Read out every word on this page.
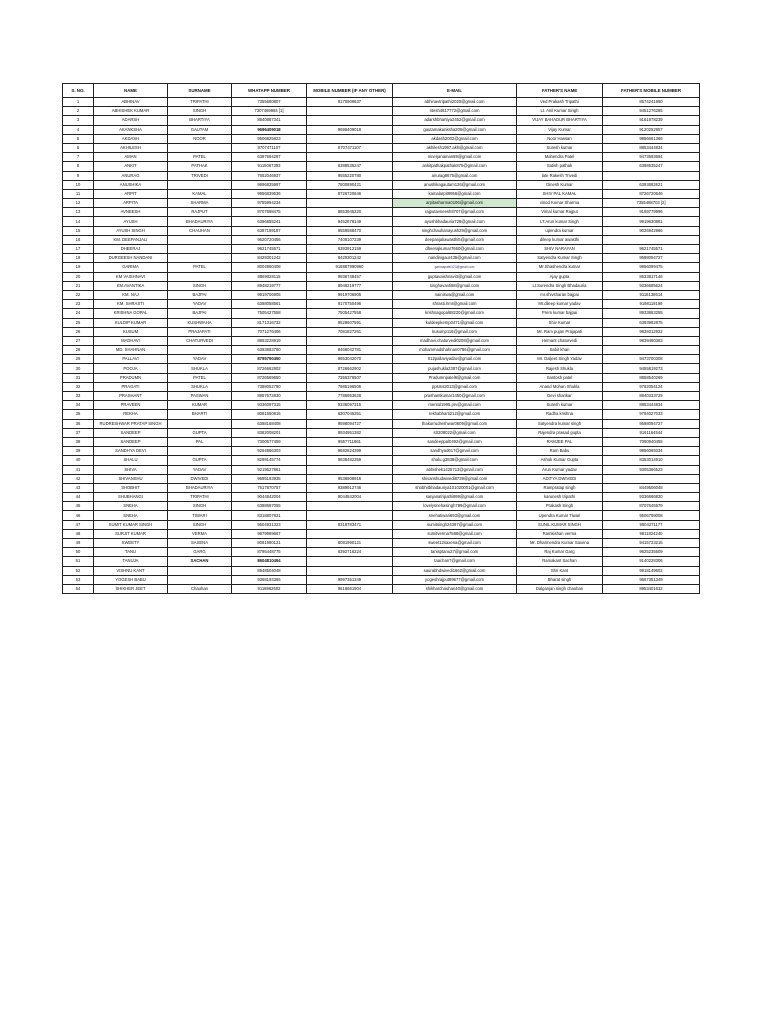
S. NO.	NAME	SURNAME	WHATAPP NUMBER	MOBILE NUMBER (IF ANY OTHER)	E-MAIL	FATHER'S NAME	FATHER'S MOBILE NUMBER
1	ABHINAV	TRIPATHI	7355680807	9170909637	abhinavtripathi2020@gmail.com	Ved Prakash Tripathi	8574241950
2	ABHISHEK KUMAR	SINGH	7307469984 [1]		ritesh4817772@gmail.com	Lt. Anil Kumar Singh	9451276285
3	ADARSH	BHARTIYA	8840887341		adarshbhartiya2452@gmail.com	VIJAY BAHADUR BHARTIYA	9161978239
4	AKANKSHA	GAUTAM	9696409018	9696409018	gautamakanksha205@gmail.com	Vijay Kumar	9120252957
5	AKDASH	NOOR	9506825823		akdash2002@gmail.com	Noor Hassan	9956661366
6	AKHILESH		8707471107	8707471107	akhilesh1997.akh@gmail.com	Suresh kumar	8853444834
7	AMAN	PATEL	6387694287		ninerjanaman89@gmail.com	Mahendra Patel	9473593694
8	ANKIT	PATHAK	9115067393	6388535247	ankitpathakpathak875@gmail.com	Satish pathak	6388535247
9	ANURAG	TRIVEDI	7652046937	9555220780	anurag8675@gmail.com	late Rakesh Trivedi	
10	ANUSHIKA		9696825997	7800890421	anushikagautam126@gmail.com	Dinesh Kumar	6393882621
11	ARPIT	KAMAL	9956839536	8726720646	kamalarpit9956@gmail.com	SHIV PAL KAMAL	8726720646
12	ARPITA	SHARMA	9755994234		arpitasharma0106@gmail.com	vinod Kumar Sharma	7355488703 [2]
13	AVNEESH	RAJPUT	8707698475	8853945220	rajputavneesh8707@gmail.com	Vimal kumar Rajput	9169779996
14	AYUSH	BHADAURIYA	6386855241	9452678149	ayushbhadauria728@gmail.com	LT.Arun kumar Singh	9919630881
15	AYUSH SINGH	CHAUHAN	6387199187	9559588470	singhchauhanayush29@gmail.com	upendra kumar	9026942966
16	KM. DEEPANJALI		9520720456	7408107239	deepanjaliawasthi5@gmail.com	dileep kumar awasthi	
17	DHEERAJ		9621745571	6393912159	dheerajkumar7660@gmail.com	SHIV NARAYAN	9621745571
18	DURGEESH NANDANI		8429301242	8429301242	nandinigaur435@gmail.com	Satyendra Kumar Singh	9598094727
19	GARIMA	PATEL	8004960408	918887990960	garimapatel123@gmail.com	Mr.Shashendra kumar	9956099475
20	KM VAISHNAVI		8869028115	9936748457	guptavaishnavi3@gmail.com	Ajay gupta	8533817146
21	KM.AVANTIKA	SINGH	8948219777	8948219777	singhavanti88@gmail.com	Lt.Surendra Singh Bhadauria	9336685624
22	KM. NAJ	BAJPAI	9919706905	9919706905	nainiswa@gmail.com	mr.shivsharan bajpai	9118138614
23	KM. SHRASTI	YADAV	6388058561	9170750496	shrasti.hmr@gmail.com	Mr.dileep kumar yadav	9198119199
24	KRISHNA GOPAL	BAJPAI	7505427558	7505427558	krishnagopal68220@gmail.com	Prem kumar bajpai	8933863255
25	KULDIP KUMAR	KUSHWAHA	8171316732	9528607591	kuldeepkemp0471@gmail.com	Shiv Kumar	6393982875
26	KUSUM	PRAJAPATI	7071276406	7081827261	kusump116@gmail.com	Mr. Ram pujan Prajapati	9839312922
27	MADHAVI	CHATURVEDI	8853228919		madhavi.chaturvedi0208@gmail.com	Hemant chaturvedi	9839460363
28	MD. SHAHNAN		6393683780	8468042781	mohammadshahnan0786@gmail.com	Sabir khan	
29	PALLAVI	YADAV	8795790450	9653042070	012pallaviyadav@gmail.com	Mr. Daljeet Singh Yadav	9473700308
30	POOJA	SHUKLA	8726662902	8726662902	pujashukla2397@gmail.com	Rajesh Shukla	9455819273
31	PRADUMN	PATEL	8726569650	7355376507	Pradumnpatel6@gmail.com	Santosh patel	8858540269
32	PRAGATI	SHUKLA	7388052790	7985196506	ppsms2013@gmail.com	Anand Mohan Shukla	9792054124
33	PRASHANT	PASWAN	8957672830	7786953628	prashantkumar1450@gmail.com	Devi shankar	8840333729
34	PRAVEEN	KUMAR	9336097315	9336097315	mentol1995.prv@gmail.com	Suresh kumar	8853444834
35	REKHA	BHARTI	8081550815	6307045351	rekhabharti212@gmail.com	Radha krishna	9794027033
36	RUDRESHWAR PRATAP SINGH		6388168408	9598094727	thakurrudreshwar0609@gmail.com	Satyendra kumar singh	9598094727
37	SANDEEP	GUPTA	8382008201	8934951382	str208022@gmail.com	Rajendra prasad gupta	9161164544
38	SANDEEP	PAL	7300577459	9557711861	sandeeppal0492@gmail.com	RAMJEE PAL	7060940455
39	SANDHYA DEVI		9264966303	9682824399	sandhyad617@gmail.com	Ram Babu	9956069334
40	SHALU	GUPTA	8299145774	9838482359	shalu.g3838@gmail.com	Ashok Kumar Gupta	8353014910
41	SHIVA	YADAV	9219527861		abhishek1425713@gmail.com	Arun Kumar yadav	9305366523
42	SHIVANSHU	DWIVEDI	9695193935	9536808916	shivanshudwivedi8739@gmail.com	ADITYA DWIVEDI	
43	SHOBHIT	BHADAURIYA	7617870757	9389912746	shobhitbhadauriya101020001@gmail.com	Rampratap singh	8449506048
44	SHUBHANGI	TRIPATHI	9044842004	9044842004	sanjanatripathi999@gmail.com	karunesh tripathi	9336666830
45	SNEHA	SINGH	6388697055		lovelysnehasingh789@gmail.com	Prakash Singh	8707645579
46	SNEHA	TIWARI	8318807831		snehatiwari693@gmail.com	Upendra Kumar Tiwari	9506799008
47	SUMIT KUMAR SINGH	SINGH	9504931323	8318783471	sumitsingh24397@gmail.com	SUNIL KUMAR SINGH	9504271177
48	SURJIT KUMAR	VERMA	9879989667		sumitverma7588@gmail.com	Ramkishan verma	9811824240
49	SWEETY	SAXENA	8081990121	8081990121	sweet12saxena@gmail.com	Mr. Dharmendra Kumar Saxena	9415723215
50	TANU	GARG	8795448775	6392716224	tanisptanu27@gmail.com	Raj Kumar Garg	9625235509
51	TANUJA	SACHAN	8604810494		taachan7@gmail.com	Ramakant Sachan	9140228306
52	VISHNU KANT		8948504048		saurabhdwivedi1662@gmail.com	Shri Kant	9918149602
53	YOGESH BABU		9368193365	9997351349	yogeshrajput89677@gmail.com	Bharat singh	9667351349
54	SHIKHER JEET	Chauhan	9118862602	9616661904	shikharchauhan40@gmail.com	Dalganjan singh chauhan	8953401632
